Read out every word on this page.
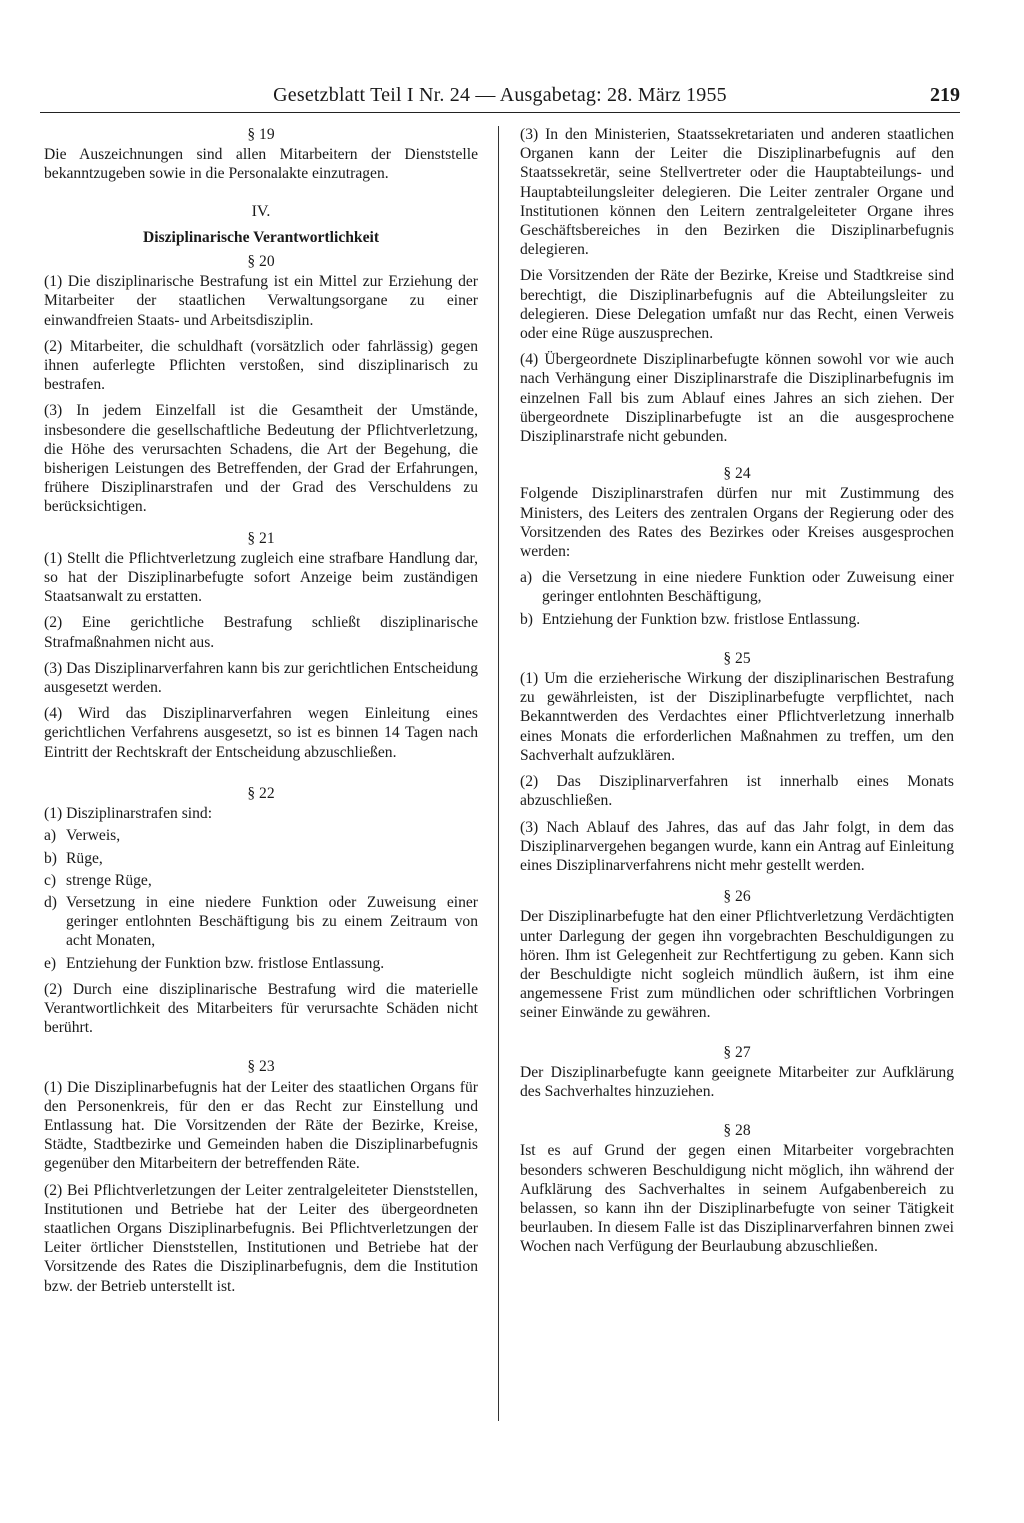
Gesetzblatt Teil I Nr. 24 — Ausgabetag: 28. März 1955	219
§ 19

Die Auszeichnungen sind allen Mitarbeitern der Dienststelle bekanntzugeben sowie in die Personalakte einzutragen.

IV.
Disziplinarische Verantwortlichkeit
§ 20

(1) Die disziplinarische Bestrafung ist ein Mittel zur Erziehung der Mitarbeiter der staatlichen Verwaltungsorgane zu einer einwandfreien Staats- und Arbeitsdisziplin.

(2) Mitarbeiter, die schuldhaft (vorsätzlich oder fahrlässig) gegen ihnen auferlegte Pflichten verstoßen, sind disziplinarisch zu bestrafen.

(3) In jedem Einzelfall ist die Gesamtheit der Umstände, insbesondere die gesellschaftliche Bedeutung der Pflichtverletzung, die Höhe des verursachten Schadens, die Art der Begehung, die bisherigen Leistungen des Betreffenden, der Grad der Erfahrungen, frühere Disziplinarstrafen und der Grad des Verschuldens zu berücksichtigen.

§ 21

(1) Stellt die Pflichtverletzung zugleich eine strafbare Handlung dar, so hat der Disziplinarbefugte sofort Anzeige beim zuständigen Staatsanwalt zu erstatten.

(2) Eine gerichtliche Bestrafung schließt disziplinarische Strafmaßnahmen nicht aus.

(3) Das Disziplinarverfahren kann bis zur gerichtlichen Entscheidung ausgesetzt werden.

(4) Wird das Disziplinarverfahren wegen Einleitung eines gerichtlichen Verfahrens ausgesetzt, so ist es binnen 14 Tagen nach Eintritt der Rechtskraft der Entscheidung abzuschließen.

§ 22

(1) Disziplinarstrafen sind:

a) Verweis,
b) Rüge,
c) strenge Rüge,
d) Versetzung in eine niedere Funktion oder Zuweisung einer geringer entlohnten Beschäftigung bis zu einem Zeitraum von acht Monaten,
e) Entziehung der Funktion bzw. fristlose Entlassung.

(2) Durch eine disziplinarische Bestrafung wird die materielle Verantwortlichkeit des Mitarbeiters für verursachte Schäden nicht berührt.

§ 23

(1) Die Disziplinarbefugnis hat der Leiter des staatlichen Organs für den Personenkreis, für den er das Recht zur Einstellung und Entlassung hat. Die Vorsitzenden der Räte der Bezirke, Kreise, Städte, Stadtbezirke und Gemeinden haben die Disziplinarbefugnis gegenüber den Mitarbeitern der betreffenden Räte.

(2) Bei Pflichtverletzungen der Leiter zentralgeleiteter Dienststellen, Institutionen und Betriebe hat der Leiter des übergeordneten staatlichen Organs Disziplinarbefugnis. Bei Pflichtverletzungen der Leiter örtlicher Dienststellen, Institutionen und Betriebe hat der Vorsitzende des Rates die Disziplinarbefugnis, dem die Institution bzw. der Betrieb unterstellt ist.

(3) In den Ministerien, Staatssekretariaten und anderen staatlichen Organen kann der Leiter die Disziplinarbefugnis auf den Staatssekretär, seine Stellvertreter oder die Hauptabteilungs- und Hauptabteilungsleiter delegieren. Die Leiter zentraler Organe und Institutionen können den Leitern zentralgeleiteter Organe ihres Geschäftsbereiches in den Bezirken die Disziplinarbefugnis delegieren.

Die Vorsitzenden der Räte der Bezirke, Kreise und Stadtkreise sind berechtigt, die Disziplinarbefugnis auf die Abteilungsleiter zu delegieren. Diese Delegation umfaßt nur das Recht, einen Verweis oder eine Rüge auszusprechen.

(4) Übergeordnete Disziplinarbefugte können sowohl vor wie auch nach Verhängung einer Disziplinarstrafe die Disziplinarbefugnis im einzelnen Fall bis zum Ablauf eines Jahres an sich ziehen. Der übergeordnete Disziplinarbefugte ist an die ausgesprochene Disziplinarstrafe nicht gebunden.

§ 24

Folgende Disziplinarstrafen dürfen nur mit Zustimmung des Ministers, des Leiters des zentralen Organs der Regierung oder des Vorsitzenden des Rates des Bezirkes oder Kreises ausgesprochen werden:

a) die Versetzung in eine niedere Funktion oder Zuweisung einer geringer entlohnten Beschäftigung,
b) Entziehung der Funktion bzw. fristlose Entlassung.
§ 25

(1) Um die erzieherische Wirkung der disziplinarischen Bestrafung zu gewährleisten, ist der Disziplinarbefugte verpflichtet, nach Bekanntwerden des Verdachtes einer Pflichtverletzung innerhalb eines Monats die erforderlichen Maßnahmen zu treffen, um den Sachverhalt aufzuklären.

(2) Das Disziplinarverfahren ist innerhalb eines Monats abzuschließen.

(3) Nach Ablauf des Jahres, das auf das Jahr folgt, in dem das Disziplinarvergehen begangen wurde, kann ein Antrag auf Einleitung eines Disziplinarverfahrens nicht mehr gestellt werden.

§ 26

Der Disziplinarbefugte hat den einer Pflichtverletzung Verdächtigten unter Darlegung der gegen ihn vorgebrachten Beschuldigungen zu hören. Ihm ist Gelegenheit zur Rechtfertigung zu geben. Kann sich der Beschuldigte nicht sogleich mündlich äußern, ist ihm eine angemessene Frist zum mündlichen oder schriftlichen Vorbringen seiner Einwände zu gewähren.

§ 27

Der Disziplinarbefugte kann geeignete Mitarbeiter zur Aufklärung des Sachverhaltes hinzuziehen.

§ 28

Ist es auf Grund der gegen einen Mitarbeiter vorgebrachten besonders schweren Beschuldigung nicht möglich, ihn während der Aufklärung des Sachverhaltes in seinem Aufgabenbereich zu belassen, so kann ihn der Disziplinarbefugte von seiner Tätigkeit beurlauben. In diesem Falle ist das Disziplinarverfahren binnen zwei Wochen nach Verfügung der Beurlaubung abzuschließen.
